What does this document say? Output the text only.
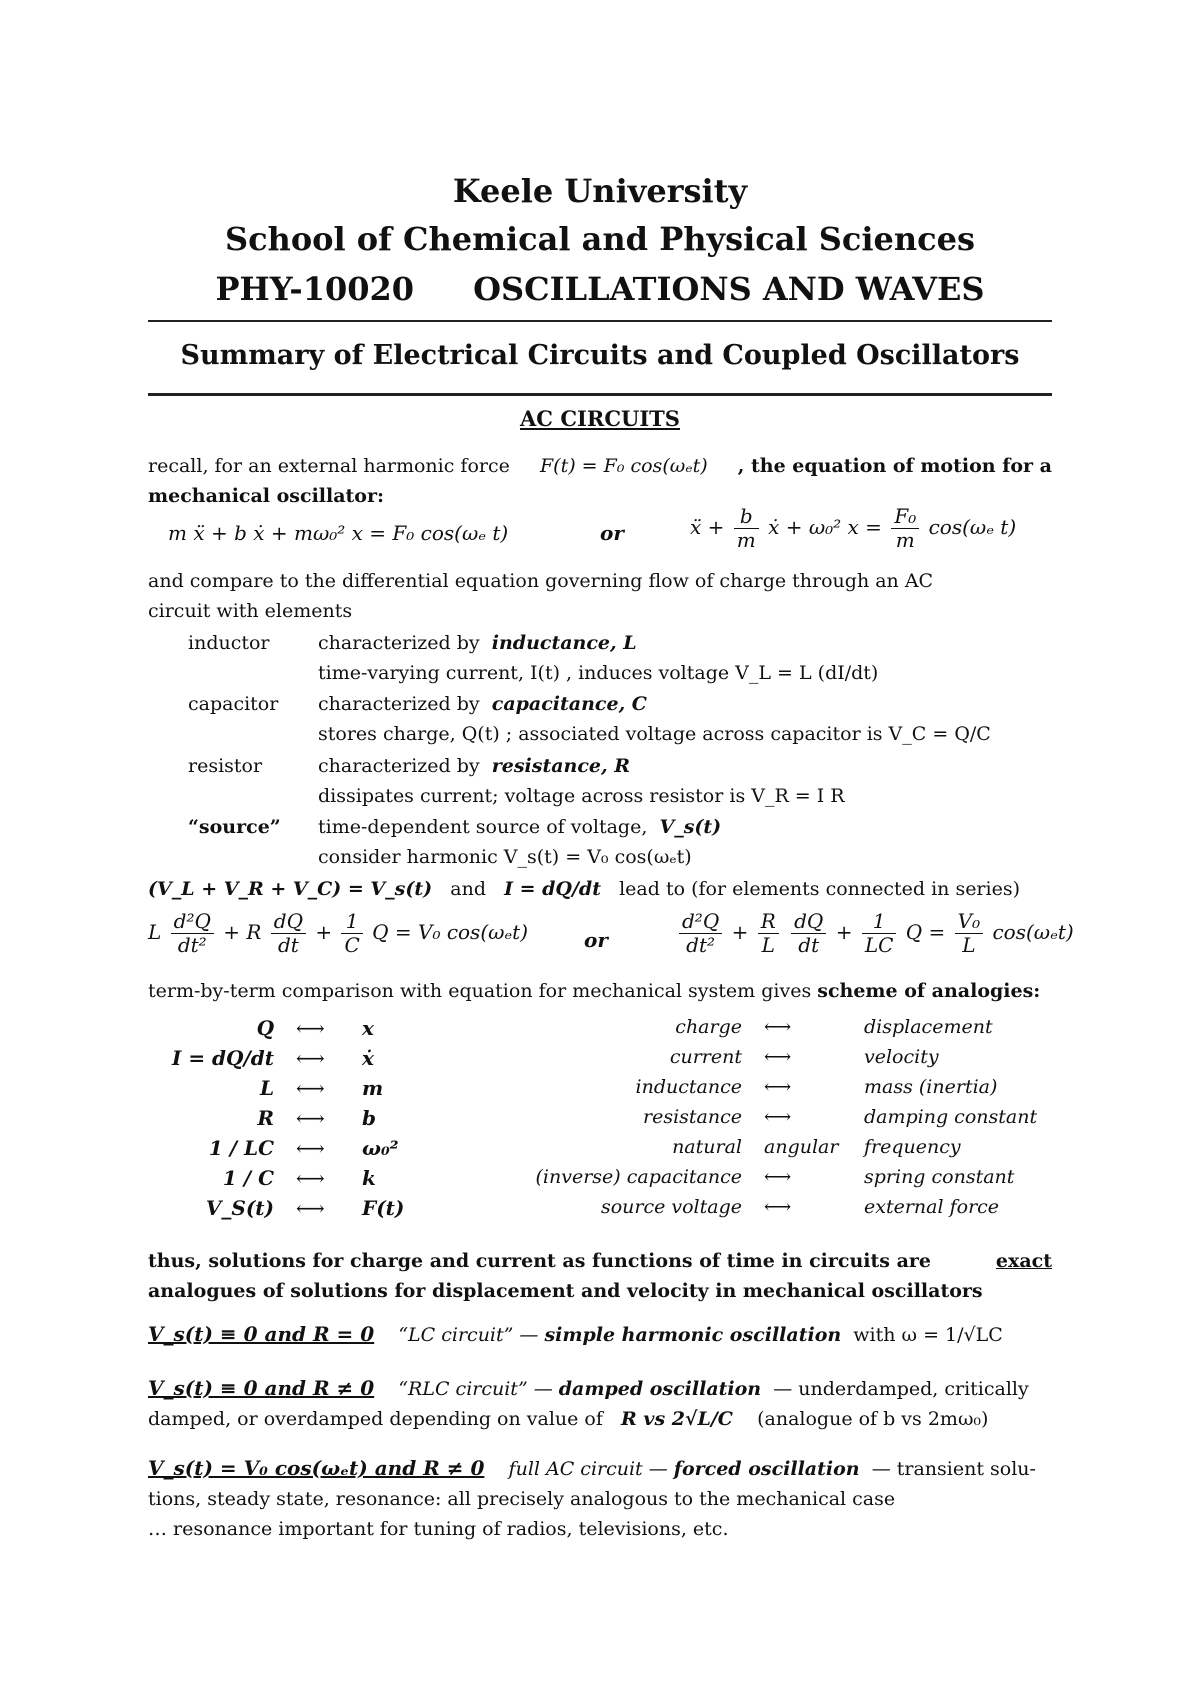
Keele University
School of Chemical and Physical Sciences
PHY-10020 OSCILLATIONS AND WAVES
Summary of Electrical Circuits and Coupled Oscillators
AC CIRCUITS
recall, for an external harmonic force F(t) = F₀ cos(ωₑt) , the equation of motion for a
mechanical oscillator:
m ẍ + b ẋ + mω₀² x = F₀ cos(ωₑ t)	or	ẍ + $\frac{b}{m}$ ẋ + ω₀² $x = \frac{\text{F₀}}{m} \cos(\omega_e$ t)
and compare to the differential equation governing flow of charge through an AC
circuit with elements
inductor	characterized by inductance, L
time-varying current, I(t) , induces voltage V_L = L (dI/dt)
capacitor characterized by capacitance, C
stores charge, Q(t) ; associated voltage across capacitor is V_C = Q/C
resistor	characterized by resistance, R
dissipates current; voltage across resistor is V_R = I R
“source” time-dependent source of voltage, V_s(t)
consider harmonic V_s(t) = V₀ cos(ωₑt)
(V_L + V_R + V_C) = V_s(t) and I = dQ/dt lead to (for elements connected in series)
L $\frac{\text{d²Q}}{\text{dt²}} + R \frac{dQ}{dt} + \frac{1}{C}$ Q = V₀ cos(ωₑt)	or	$\frac{\text{d²Q}}{\text{dt²}} + \frac{R}{L}$
$\frac{dQ}{dt} + \frac{1}{LC}$ $Q = \frac{\text{V₀}}{L} \cos(\omega_et)$
term-by-term comparison with equation for mechanical system gives scheme of analogies:
Q ⟷ x	charge ⟷	displacement
I = dQ/dt ⟷ ẋ	current ⟷	velocity
L ⟷ m	inductance ⟷	mass (inertia)
R ⟷ b	resistance ⟷	damping constant
1 / LC ⟷ ω₀²	natural angular frequency
1 / C ⟷ k	(inverse) capacitance ⟷	spring constant
V_S(t) ⟷ F(t)	source voltage ⟷	external force
thus, solutions for charge and current as functions of time in circuits are	exact
analogues of solutions for displacement and velocity in mechanical oscillators
V_s(t) ≡ 0 and R = 0 “LC circuit” — simple harmonic oscillation with ω = 1/√LC
V_s(t) ≡ 0 and R ≠ 0 “RLC circuit” — damped oscillation — underdamped, critically
damped, or overdamped depending on value of R vs 2√L/C (analogue of b vs 2mω₀)
V_s(t) = V₀ cos(ωₑt) and R ≠ 0 full AC circuit — forced oscillation — transient solu-
tions, steady state, resonance: all precisely analogous to the mechanical case
… resonance important for tuning of radios, televisions, etc.
